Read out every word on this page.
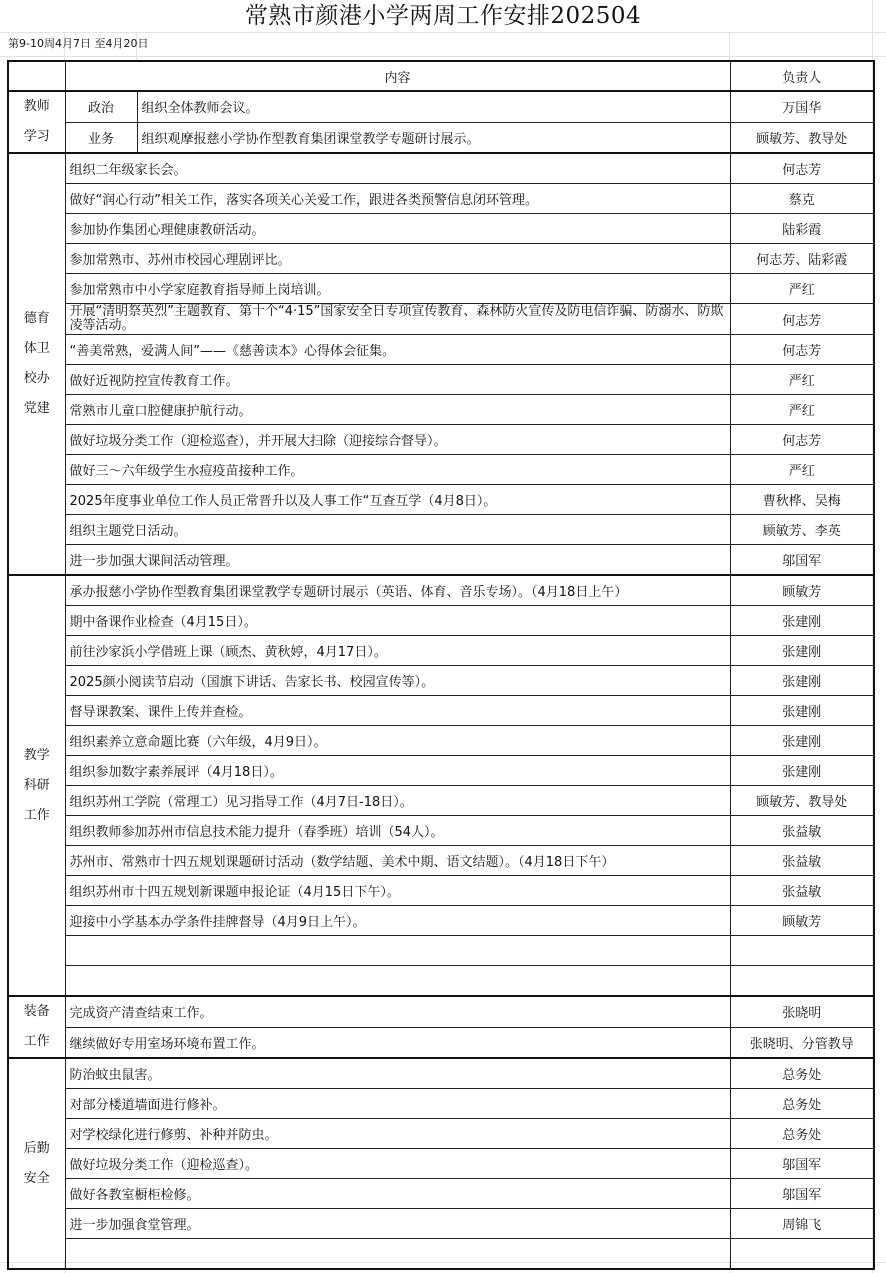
常熟市颜港小学两周工作安排202504
第9-10周4月7日 至4月20日
	内容		负责人

教师
学习	政治	组织全体教师会议。	万国华
	业务	组织观摩报慈小学协作型教育集团课堂教学专题研讨展示。	顾敏芳、教导处

德育
体卫
校办
党建	组织二年级家长会。		何志芳
	做好“润心行动”相关工作，落实各项关心关爱工作，跟进各类预警信息闭环管理。		蔡克
	参加协作集团心理健康教研活动。		陆彩霞
	参加常熟市、苏州市校园心理剧评比。		何志芳、陆彩霞
	参加常熟市中小学家庭教育指导师上岗培训。		严红
	开展“清明祭英烈”主题教育、第十个“4·15”国家安全日专项宣传教育、森林防火宣传及防电信诈骗、防溺水、防欺凌等活动。		何志芳
	“善美常熟，爱满人间”——《慈善读本》心得体会征集。		何志芳
	做好近视防控宣传教育工作。		严红
	常熟市儿童口腔健康护航行动。		严红
	做好垃圾分类工作（迎检巡查），并开展大扫除（迎接综合督导）。		何志芳
	做好三～六年级学生水痘疫苗接种工作。		严红
	2025年度事业单位工作人员正常晋升以及人事工作“互查互学（4月8日）。		曹秋桦、吴梅
	组织主题党日活动。		顾敏芳、李英
	进一步加强大课间活动管理。		邬国军

教学
科研
工作	承办报慈小学协作型教育集团课堂教学专题研讨展示（英语、体育、音乐专场）。（4月18日上午）		顾敏芳
	期中备课作业检查（4月15日）。		张建刚
	前往沙家浜小学借班上课（顾杰、黄秋婷，4月17日）。		张建刚
	2025颜小阅读节启动（国旗下讲话、告家长书、校园宣传等）。		张建刚
	督导课教案、课件上传并查检。		张建刚
	组织素养立意命题比赛（六年级，4月9日）。		张建刚
	组织参加数字素养展评（4月18日）。		张建刚
	组织苏州工学院（常理工）见习指导工作（4月7日-18日）。		顾敏芳、教导处
	组织教师参加苏州市信息技术能力提升（春季班）培训（54人）。		张益敏
	苏州市、常熟市十四五规划课题研讨活动（数学结题、美术中期、语文结题）。（4月18日下午）		张益敏
	组织苏州市十四五规划新课题申报论证（4月15日下午）。		张益敏
	迎接中小学基本办学条件挂牌督导（4月9日上午）。		顾敏芳

装备
工作	完成资产清查结束工作。		张晓明
	继续做好专用室场环境布置工作。		张晓明、分管教导

后勤
安全	防治蚊虫鼠害。		总务处
	对部分楼道墙面进行修补。		总务处
	对学校绿化进行修剪、补种并防虫。		总务处
	做好垃圾分类工作（迎检巡查）。		邬国军
	做好各教室橱柜检修。		邬国军
	进一步加强食堂管理。		周锦飞
